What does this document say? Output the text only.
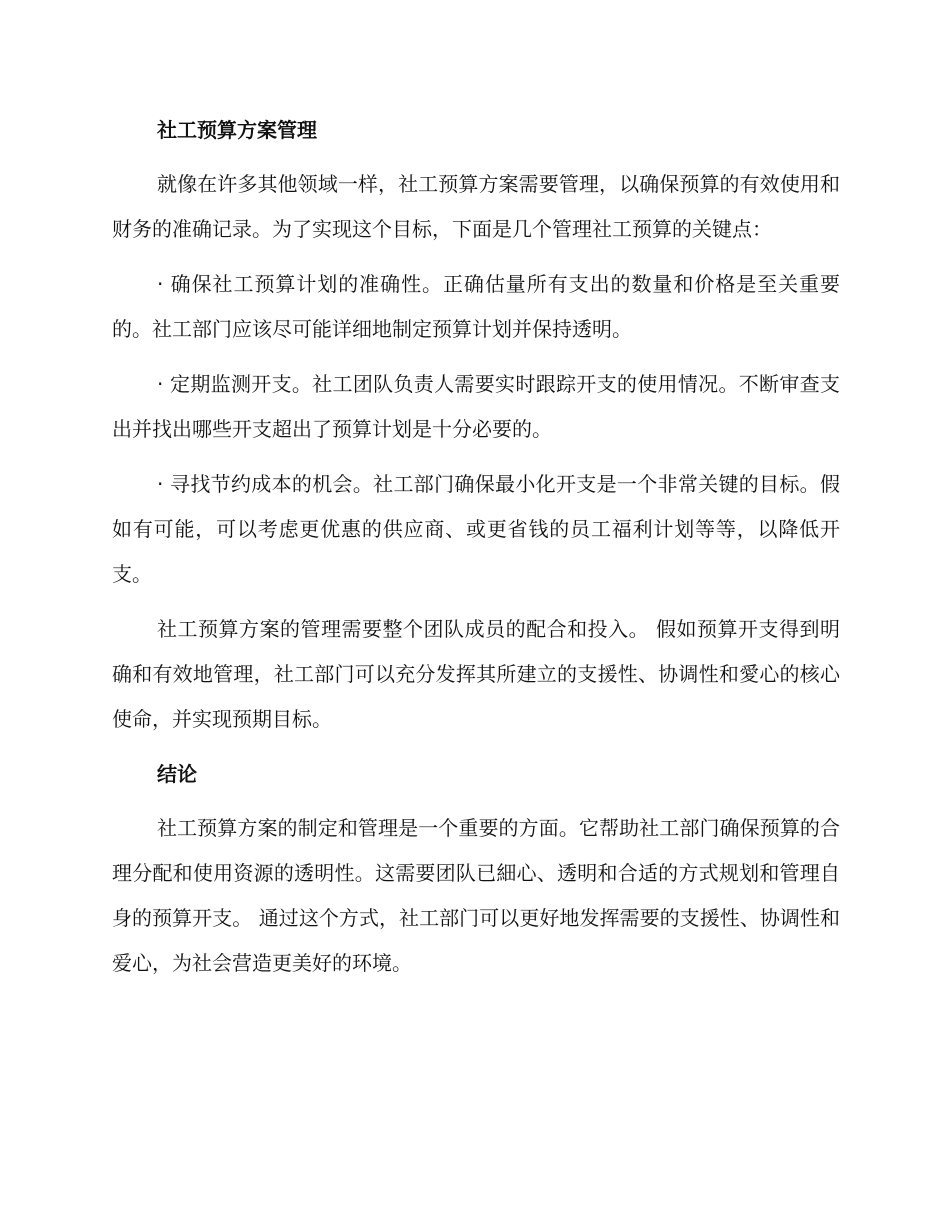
社工预算方案管理

就像在许多其他领域一样，社工预算方案需要管理，以确保预算的有效使用和财务的准确记录。为了实现这个目标，下面是几个管理社工预算的关键点：

· 确保社工预算计划的准确性。正确估量所有支出的数量和价格是至关重要的。社工部门应该尽可能详细地制定预算计划并保持透明。

· 定期监测开支。社工团队负责人需要实时跟踪开支的使用情况。不断审查支出并找出哪些开支超出了预算计划是十分必要的。

· 寻找节约成本的机会。社工部门确保最小化开支是一个非常关键的目标。假如有可能，可以考虑更优惠的供应商、或更省钱的员工福利计划等等，以降低开支。

社工预算方案的管理需要整个团队成员的配合和投入。 假如预算开支得到明确和有效地管理，社工部门可以充分发挥其所建立的支援性、协调性和愛心的核心使命，并实现预期目标。

结论

社工预算方案的制定和管理是一个重要的方面。它帮助社工部门确保预算的合理分配和使用资源的透明性。这需要团队已細心、透明和合适的方式规划和管理自身的预算开支。 通过这个方式，社工部门可以更好地发挥需要的支援性、协调性和爱心，为社会营造更美好的环境。
